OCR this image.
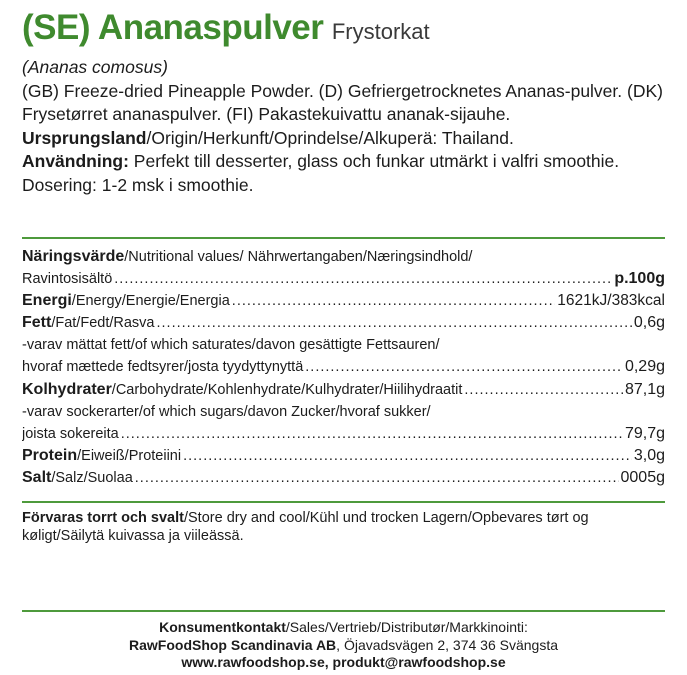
(SE) Ananaspulver Frystorkat

(Ananas comosus)

(GB) Freeze-dried Pineapple Powder. (D) Gefriergetrocknetes Ananas-pulver. (DK) Frysetørret ananaspulver. (FI) Pakastekuivattu ananak-sijauhe.

Ursprungsland/Origin/Herkunft/Oprindelse/Alkuperä: Thailand.

Användning: Perfekt till desserter, glass och funkar utmärkt i valfri smoothie. Dosering: 1-2 msk i smoothie.

Näringsvärde/Nutritional values/ Nährwertangaben/Næringsindhold/
Ravintosisältö .....	p.100g
Energi/Energy/Energie/Energia .....	1621kJ/383kcal
Fett/Fat/Fedt/Rasva .....	0,6g
-varav mättat fett/of which saturates/davon gesättigte Fettsauren/
hvoraf mættede fedtsyrer/josta tyydyttynyttä .....	0,29g
Kolhydrater/Carbohydrate/Kohlenhydrate/Kulhydrater/Hiilihydraatit .....	87,1g
-varav sockerarter/of which sugars/davon Zucker/hvoraf sukker/
joista sokereita .....	79,7g
Protein/Eiweiß/Proteiini .....	3,0g
Salt/Salz/Suolaa .....	0005g
Förvaras torrt och svalt/Store dry and cool/Kühl und trocken Lagern/Opbevares tørt og køligt/Säilytä kuivassa ja viileässä.
Konsumentkontakt/Sales/Vertrieb/Distributør/Markkinointi:
RawFoodShop Scandinavia AB, Öjavadsvägen 2, 374 36 Svängsta
www.rawfoodshop.se, produkt@rawfoodshop.se
